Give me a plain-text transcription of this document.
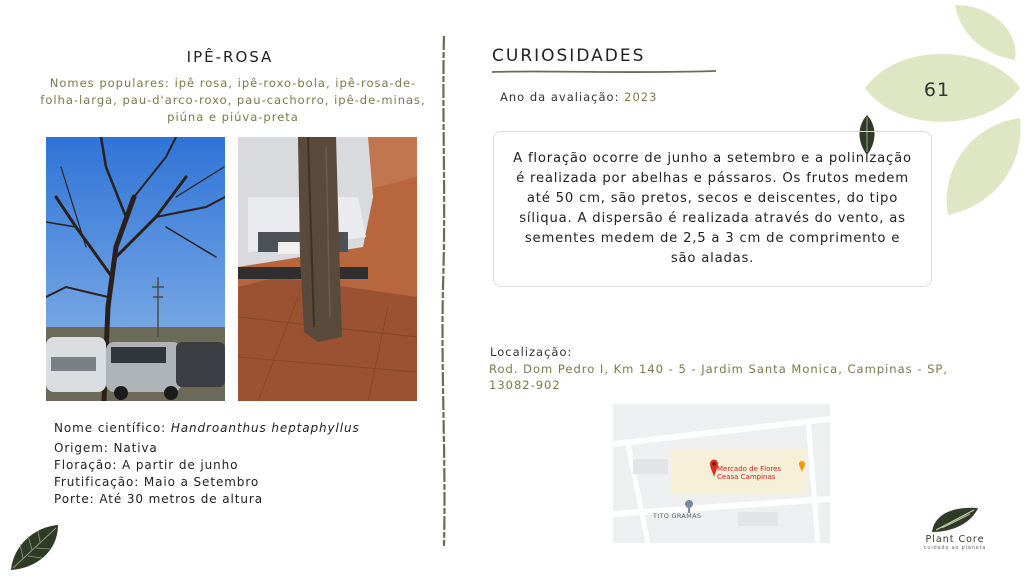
61
IPÊ-ROSA
Nomes populares: ipê rosa, ipê-roxo-bola, ipê-rosa-de-folha-larga, pau-d'arco-roxo, pau-cachorro, ipê-de-minas, piúna e piúva-preta
Nome científico: Handroanthus heptaphyllus
Origem: Nativa
Floração: A partir de junho
Frutificação: Maio a Setembro
Porte: Até 30 metros de altura
CURIOSIDADES
Ano da avaliação: 2023
A floração ocorre de junho a setembro e a polinização é realizada por abelhas e pássaros. Os frutos medem até 50 cm, são pretos, secos e deiscentes, do tipo síliqua. A dispersão é realizada através do vento, as sementes medem de 2,5 a 3 cm de comprimento e são aladas.
Localização:
Rod. Dom Pedro I, Km 140 - 5 - Jardim Santa Monica, Campinas - SP, 13082-902
Mercado de Flores
Ceasa Campinas
TITO GRAMAS
Plant Core
cuidado ao planeta
